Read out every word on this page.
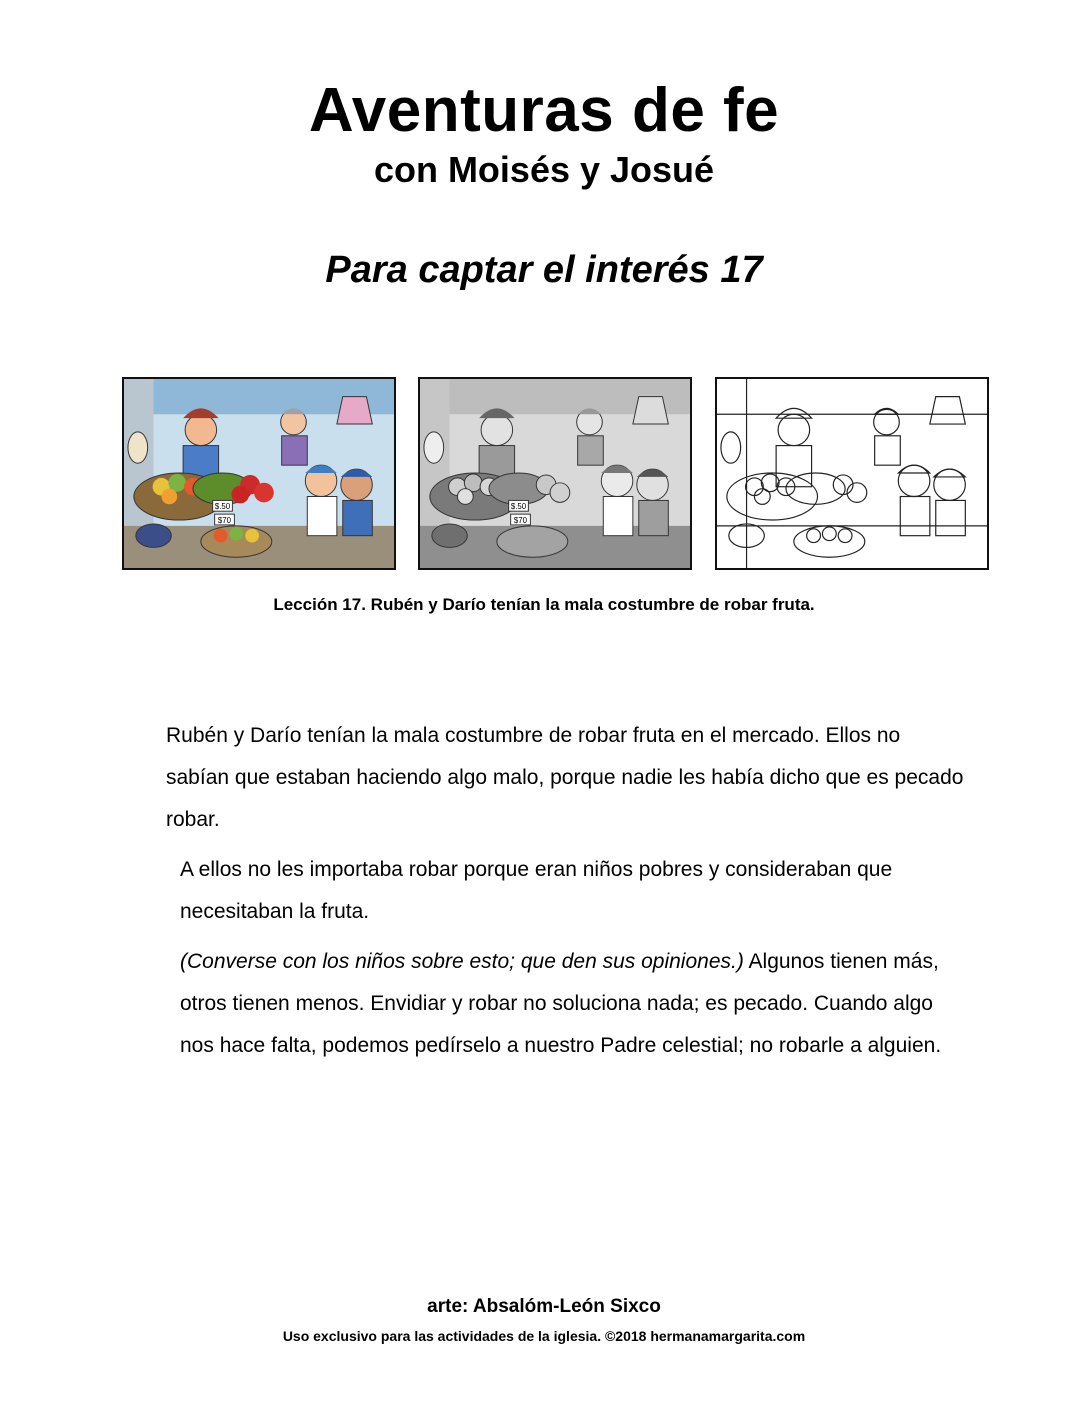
Aventuras de fe
con Moisés y Josué
Para captar el interés 17
$.50
$70
$.50
$70
Lección 17. Rubén y Darío tenían la mala costumbre de robar fruta.

Rubén y Darío tenían la mala costumbre de robar fruta en el mercado. Ellos no sabían que estaban haciendo algo malo, porque nadie les había dicho que es pecado robar.

A ellos no les importaba robar porque eran niños pobres y consideraban que necesitaban la fruta.

(Converse con los niños sobre esto; que den sus opiniones.) Algunos tienen más, otros tienen menos. Envidiar y robar no soluciona nada; es pecado. Cuando algo nos hace falta, podemos pedírselo a nuestro Padre celestial; no robarle a alguien.

arte: Absalóm-León Sixco
Uso exclusivo para las actividades de la iglesia. ©2018 hermanamargarita.com
